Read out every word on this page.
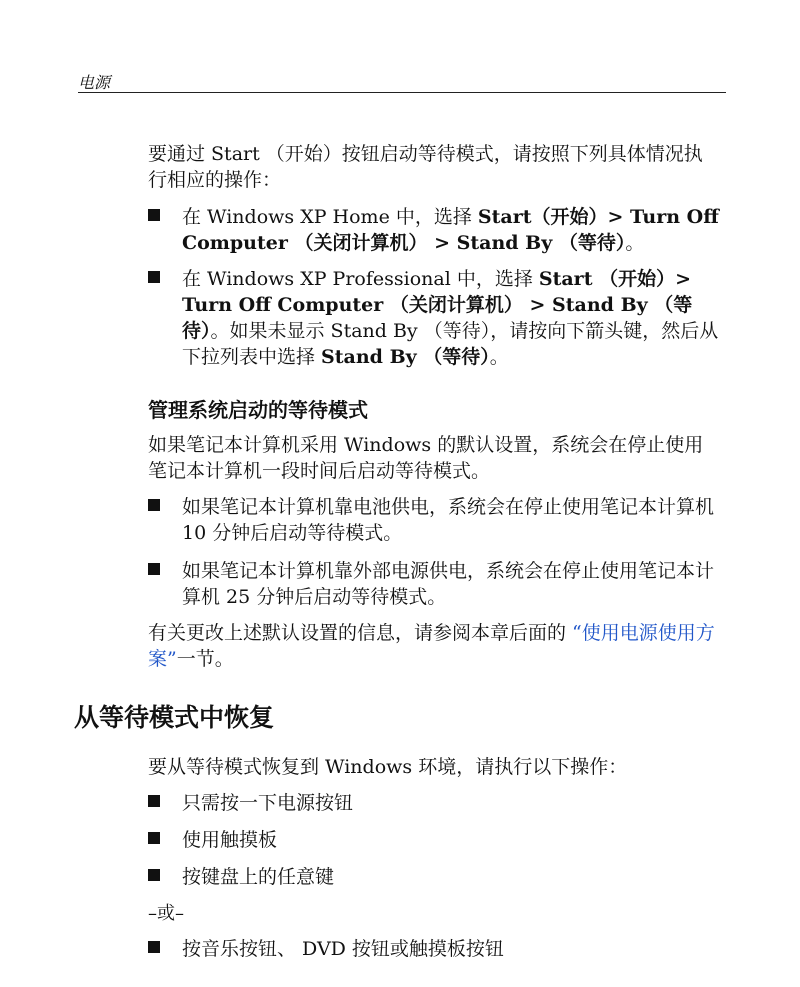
电源

要通过 Start （开始）按钮启动等待模式，请按照下列具体情况执行相应的操作：

在 Windows XP Home 中，选择 Start（开始）> Turn Off Computer （关闭计算机） > Stand By （等待）。
在 Windows XP Professional 中，选择 Start （开始）> Turn Off Computer （关闭计算机） > Stand By （等待）。如果未显示 Stand By （等待），请按向下箭头键，然后从下拉列表中选择 Stand By （等待）。
管理系统启动的等待模式

如果笔记本计算机采用 Windows 的默认设置，系统会在停止使用笔记本计算机一段时间后启动等待模式。

如果笔记本计算机靠电池供电，系统会在停止使用笔记本计算机 10 分钟后启动等待模式。
如果笔记本计算机靠外部电源供电，系统会在停止使用笔记本计算机 25 分钟后启动等待模式。

有关更改上述默认设置的信息，请参阅本章后面的 “使用电源使用方案”一节。

从等待模式中恢复

要从等待模式恢复到 Windows 环境，请执行以下操作：

只需按一下电源按钮
使用触摸板
按键盘上的任意键
–或–
按音乐按钮、 DVD 按钮或触摸板按钮
